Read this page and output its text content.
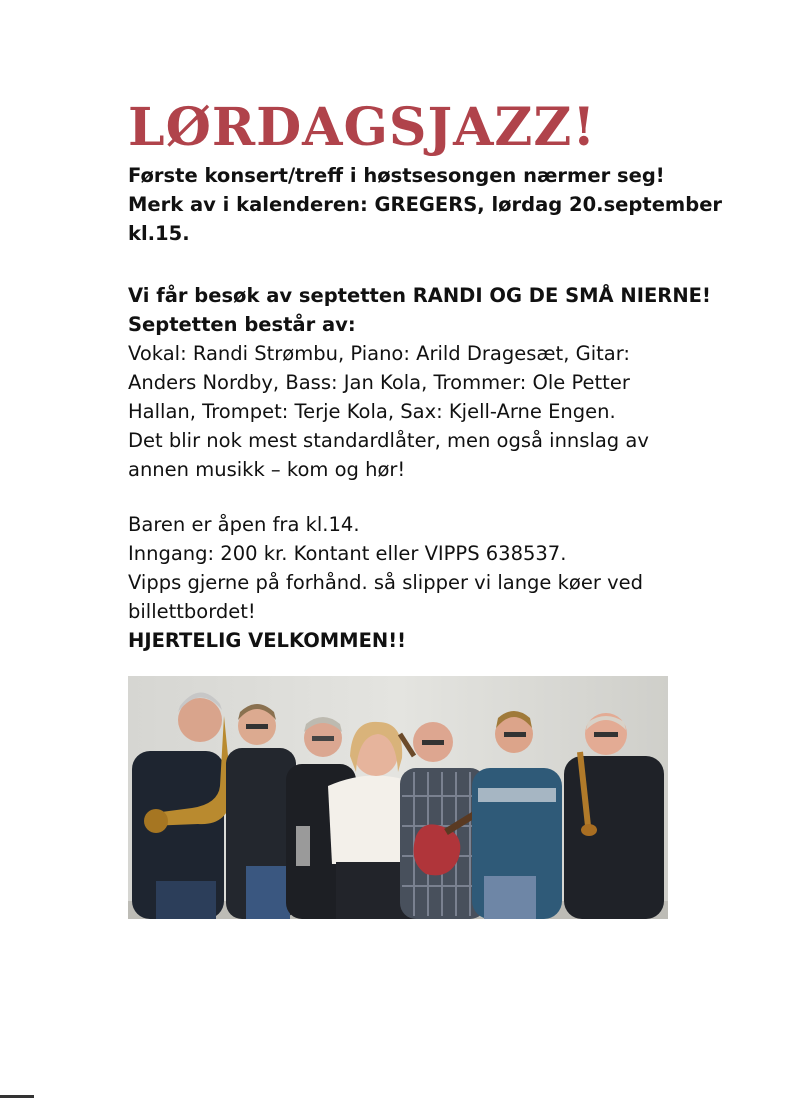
LØRDAGSJAZZ!
Første konsert/treff i høstsesongen nærmer seg!
Merk av i kalenderen: GREGERS, lørdag 20.september
kl.15.
Vi får besøk av septetten RANDI OG DE SMÅ NIERNE!
Septetten består av:
Vokal: Randi Strømbu, Piano: Arild Dragesæt, Gitar:
Anders Nordby, Bass: Jan Kola, Trommer: Ole Petter
Hallan, Trompet: Terje Kola, Sax: Kjell-Arne Engen.
Det blir nok mest standardlåter, men også innslag av
annen musikk – kom og hør!
Baren er åpen fra kl.14.
Inngang: 200 kr. Kontant eller VIPPS 638537.
Vipps gjerne på forhånd. så slipper vi lange køer ved
billettbordet!
HJERTELIG VELKOMMEN!!
